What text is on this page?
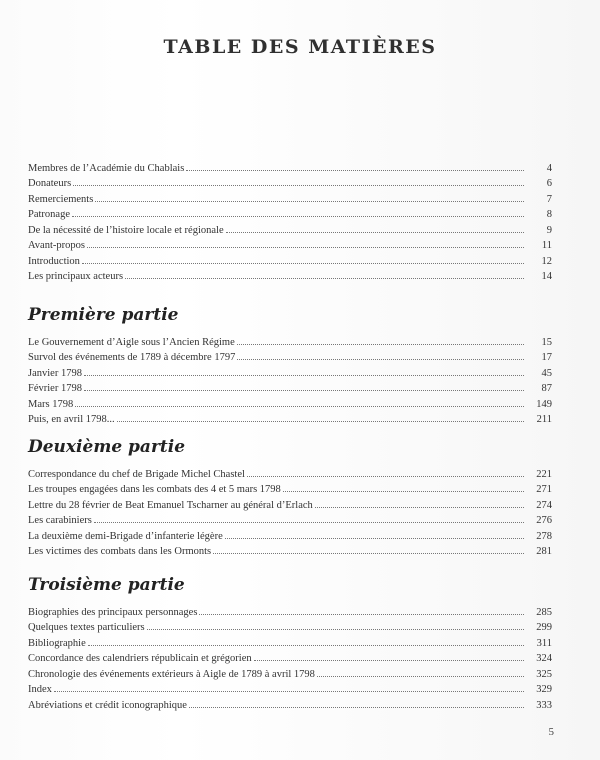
TABLE DES MATIÈRES
Membres de l’Académie du Chablais	4
Donateurs	6
Remerciements	7
Patronage	8
De la nécessité de l’histoire locale et régionale	9
Avant-propos	11
Introduction	12
Les principaux acteurs	14
Première partie
Le Gouvernement d’Aigle sous l’Ancien Régime	15
Survol des événements de 1789 à décembre 1797	17
Janvier 1798	45
Février 1798	87
Mars 1798	149
Puis, en avril 1798...	211
Deuxième partie
Correspondance du chef de Brigade Michel Chastel	221
Les troupes engagées dans les combats des 4 et 5 mars 1798	271
Lettre du 28 février de Beat Emanuel Tscharner au général d’Erlach	274
Les carabiniers	276
La deuxième demi-Brigade d’infanterie légère	278
Les victimes des combats dans les Ormonts	281
Troisième partie
Biographies des principaux personnages	285
Quelques textes particuliers	299
Bibliographie	311
Concordance des calendriers républicain et grégorien	324
Chronologie des événements extérieurs à Aigle de 1789 à avril 1798	325
Index	329
Abréviations et crédit iconographique	333
5
